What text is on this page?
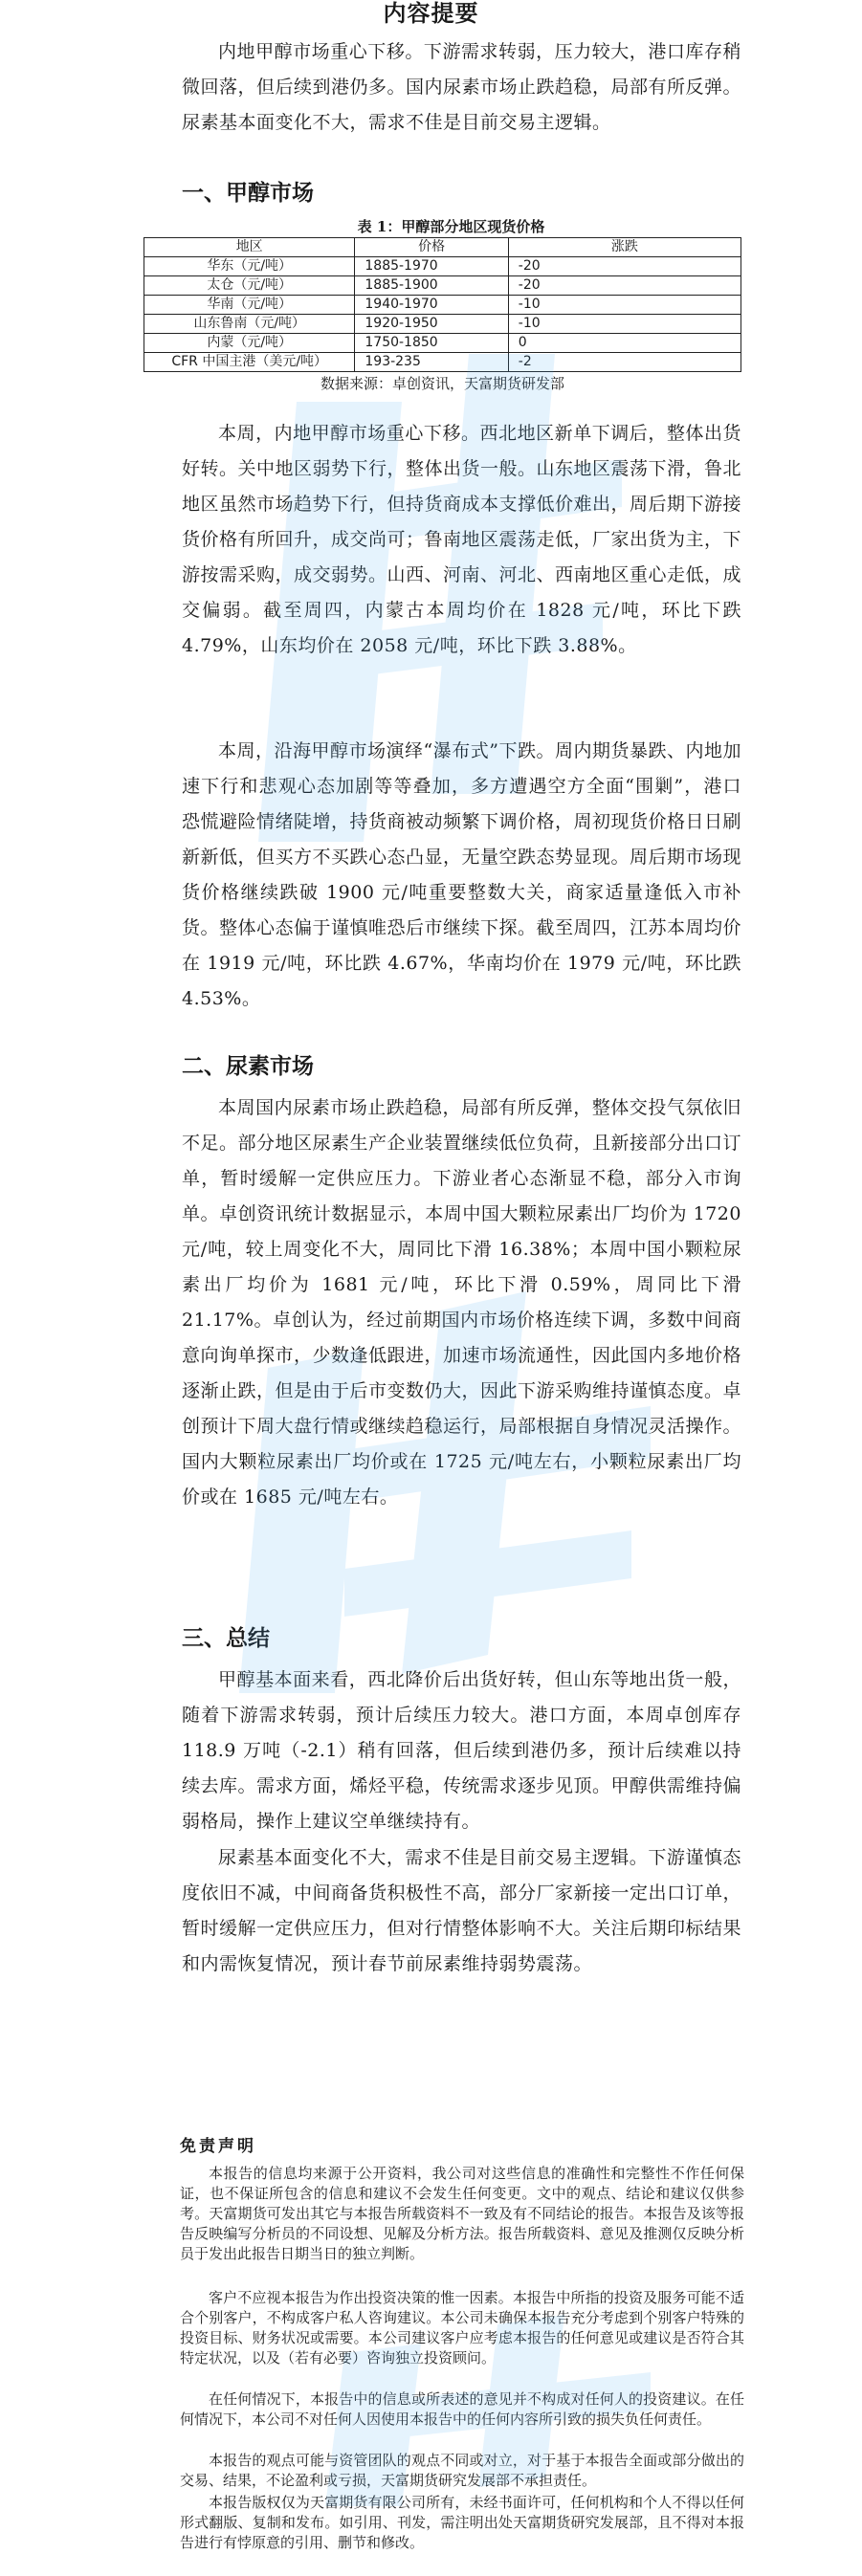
内容提要
内地甲醇市场重心下移。下游需求转弱，压力较大，港口库存稍微回落，但后续到港仍多。国内尿素市场止跌趋稳，局部有所反弹。尿素基本面变化不大，需求不佳是目前交易主逻辑。
一、甲醇市场
表 1：甲醇部分地区现货价格
地区	价格	涨跌
华东（元/吨）	1885-1970	-20
太仓（元/吨）	1885-1900	-20
华南（元/吨）	1940-1970	-10
山东鲁南（元/吨）	1920-1950	-10
内蒙（元/吨）	1750-1850	0
CFR 中国主港（美元/吨）	193-235	-2
数据来源：卓创资讯，天富期货研发部
本周，内地甲醇市场重心下移。西北地区新单下调后，整体出货好转。关中地区弱势下行，整体出货一般。山东地区震荡下滑，鲁北地区虽然市场趋势下行，但持货商成本支撑低价难出，周后期下游接货价格有所回升，成交尚可；鲁南地区震荡走低，厂家出货为主，下游按需采购，成交弱势。山西、河南、河北、西南地区重心走低，成交偏弱。截至周四，内蒙古本周均价在 1828 元/吨，环比下跌 4.79%，山东均价在 2058 元/吨，环比下跌 3.88%。
本周，沿海甲醇市场演绎“瀑布式”下跌。周内期货暴跌、内地加速下行和悲观心态加剧等等叠加，多方遭遇空方全面“围剿”，港口恐慌避险情绪陡增，持货商被动频繁下调价格，周初现货价格日日刷新新低，但买方不买跌心态凸显，无量空跌态势显现。周后期市场现货价格继续跌破 1900 元/吨重要整数大关，商家适量逢低入市补货。整体心态偏于谨慎唯恐后市继续下探。截至周四，江苏本周均价在 1919 元/吨，环比跌 4.67%，华南均价在 1979 元/吨，环比跌 4.53%。
二、尿素市场
本周国内尿素市场止跌趋稳，局部有所反弹，整体交投气氛依旧不足。部分地区尿素生产企业装置继续低位负荷，且新接部分出口订单，暂时缓解一定供应压力。下游业者心态渐显不稳，部分入市询单。卓创资讯统计数据显示，本周中国大颗粒尿素出厂均价为 1720 元/吨，较上周变化不大，周同比下滑 16.38%；本周中国小颗粒尿素出厂均价为 1681 元/吨，环比下滑 0.59%，周同比下滑 21.17%。卓创认为，经过前期国内市场价格连续下调，多数中间商意向询单探市，少数逢低跟进，加速市场流通性，因此国内多地价格逐渐止跌，但是由于后市变数仍大，因此下游采购维持谨慎态度。卓创预计下周大盘行情或继续趋稳运行，局部根据自身情况灵活操作。国内大颗粒尿素出厂均价或在 1725 元/吨左右，小颗粒尿素出厂均价或在 1685 元/吨左右。
三、总结
甲醇基本面来看，西北降价后出货好转，但山东等地出货一般，随着下游需求转弱，预计后续压力较大。港口方面，本周卓创库存 118.9 万吨（-2.1）稍有回落，但后续到港仍多，预计后续难以持续去库。需求方面，烯烃平稳，传统需求逐步见顶。甲醇供需维持偏弱格局，操作上建议空单继续持有。
尿素基本面变化不大，需求不佳是目前交易主逻辑。下游谨慎态度依旧不减，中间商备货积极性不高，部分厂家新接一定出口订单，暂时缓解一定供应压力，但对行情整体影响不大。关注后期印标结果和内需恢复情况，预计春节前尿素维持弱势震荡。
免责声明
本报告的信息均来源于公开资料，我公司对这些信息的准确性和完整性不作任何保证，也不保证所包含的信息和建议不会发生任何变更。文中的观点、结论和建议仅供参考。天富期货可发出其它与本报告所载资料不一致及有不同结论的报告。本报告及该等报告反映编写分析员的不同设想、见解及分析方法。报告所载资料、意见及推测仅反映分析员于发出此报告日期当日的独立判断。
客户不应视本报告为作出投资决策的惟一因素。本报告中所指的投资及服务可能不适合个别客户，不构成客户私人咨询建议。本公司未确保本报告充分考虑到个别客户特殊的投资目标、财务状况或需要。本公司建议客户应考虑本报告的任何意见或建议是否符合其特定状况，以及（若有必要）咨询独立投资顾问。
在任何情况下，本报告中的信息或所表述的意见并不构成对任何人的投资建议。在任何情况下，本公司不对任何人因使用本报告中的任何内容所引致的损失负任何责任。
本报告的观点可能与资管团队的观点不同或对立，对于基于本报告全面或部分做出的交易、结果，不论盈利或亏损，天富期货研究发展部不承担责任。
本报告版权仅为天富期货有限公司所有，未经书面许可，任何机构和个人不得以任何形式翻版、复制和发布。如引用、刊发，需注明出处天富期货研究发展部，且不得对本报告进行有悖原意的引用、删节和修改。
